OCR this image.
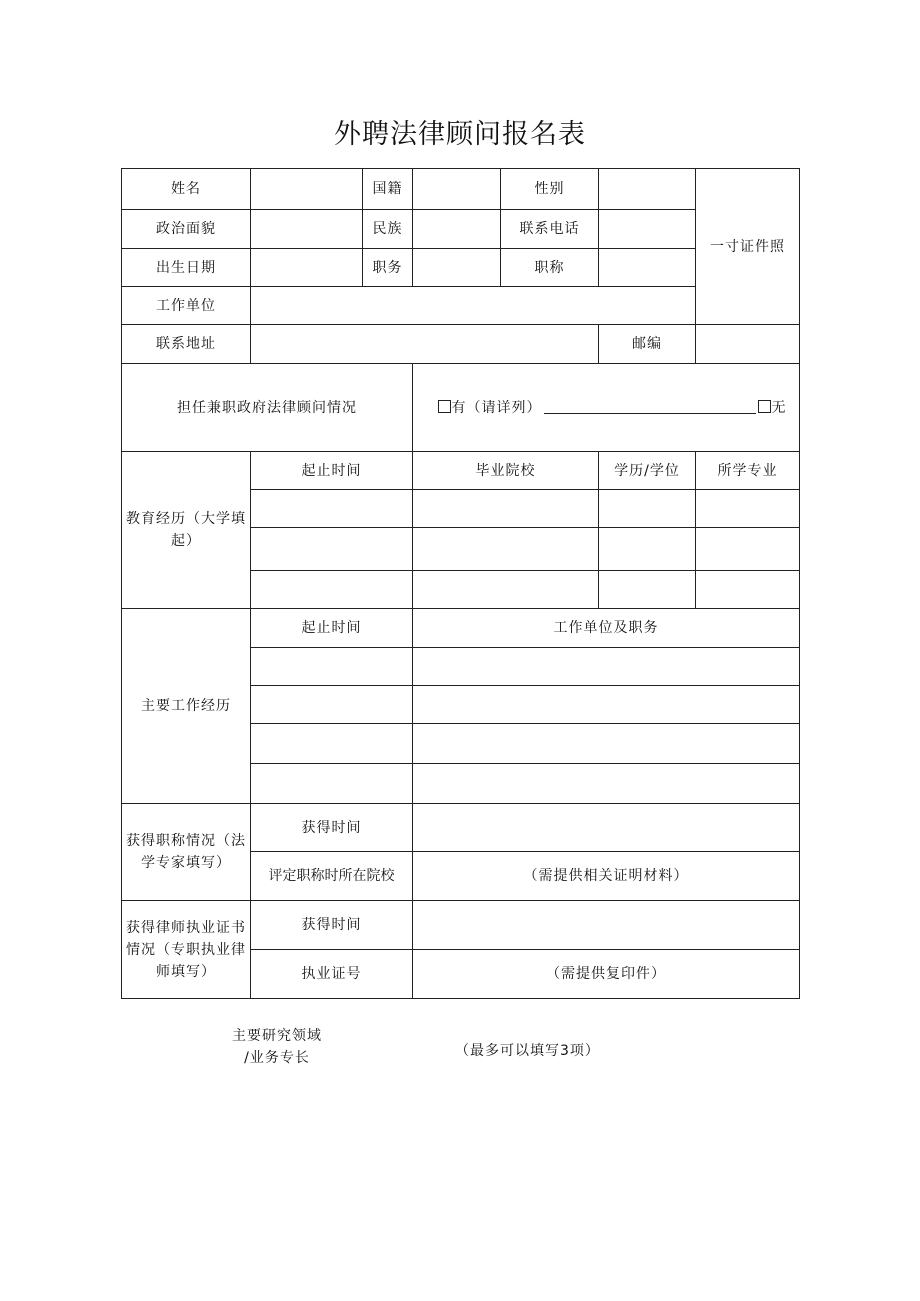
外聘法律顾问报名表
姓名		国籍		性别		一寸证件照
政治面貌		民族		联系电话		
出生日期		职务		职称		
工作单位						
联系地址					邮编	
担任兼职政府法律顾问情况			有（请详列） 无			
教育经历（大学填起）	起止时间		毕业院校		学历/学位	所学专业

主要工作经历	起止时间		工作单位及职务			

获得职称情况（法学专家填写）	获得时间					
	评定职称时所在院校		（需提供相关证明材料）			
获得律师执业证书情况（专职执业律师填写）	获得时间					
	执业证号		（需提供复印件）			
主要研究领域
/业务专长	（最多可以填写3项）
